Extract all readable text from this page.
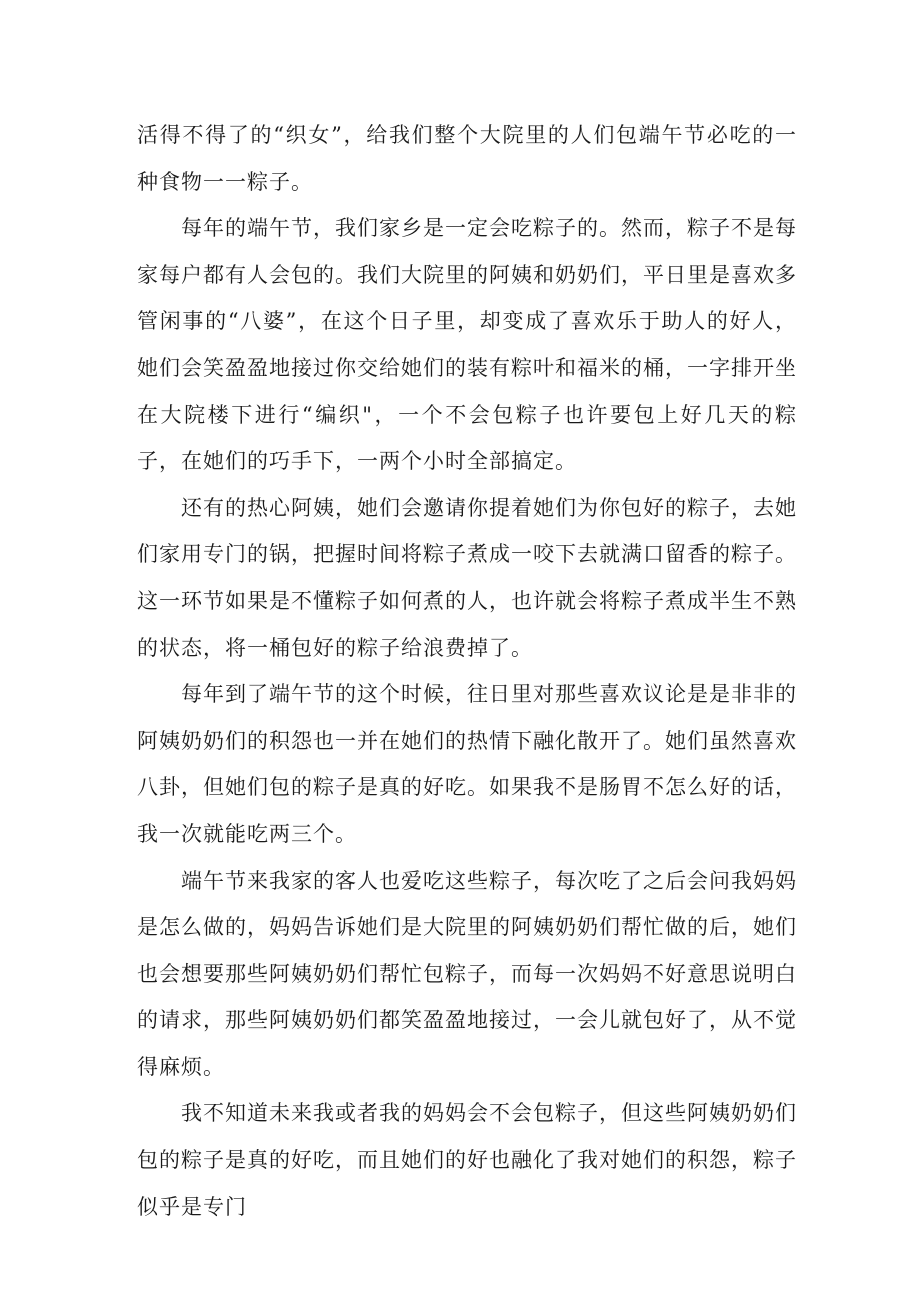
活得不得了的“织女”，给我们整个大院里的人们包端午节必吃的一种食物一一粽子。

每年的端午节，我们家乡是一定会吃粽子的。然而，粽子不是每家每户都有人会包的。我们大院里的阿姨和奶奶们，平日里是喜欢多管闲事的“八婆”，在这个日子里，却变成了喜欢乐于助人的好人，她们会笑盈盈地接过你交给她们的装有粽叶和福米的桶，一字排开坐在大院楼下进行“编织"，一个不会包粽子也许要包上好几天的粽子，在她们的巧手下，一两个小时全部搞定。

还有的热心阿姨，她们会邀请你提着她们为你包好的粽子，去她们家用专门的锅，把握时间将粽子煮成一咬下去就满口留香的粽子。这一环节如果是不懂粽子如何煮的人，也许就会将粽子煮成半生不熟的状态，将一桶包好的粽子给浪费掉了。

每年到了端午节的这个时候，往日里对那些喜欢议论是是非非的阿姨奶奶们的积怨也一并在她们的热情下融化散开了。她们虽然喜欢八卦，但她们包的粽子是真的好吃。如果我不是肠胃不怎么好的话，我一次就能吃两三个。

端午节来我家的客人也爱吃这些粽子，每次吃了之后会问我妈妈是怎么做的，妈妈告诉她们是大院里的阿姨奶奶们帮忙做的后，她们也会想要那些阿姨奶奶们帮忙包粽子，而每一次妈妈不好意思说明白的请求，那些阿姨奶奶们都笑盈盈地接过，一会儿就包好了，从不觉得麻烦。

我不知道未来我或者我的妈妈会不会包粽子，但这些阿姨奶奶们包的粽子是真的好吃，而且她们的好也融化了我对她们的积怨，粽子似乎是专门
